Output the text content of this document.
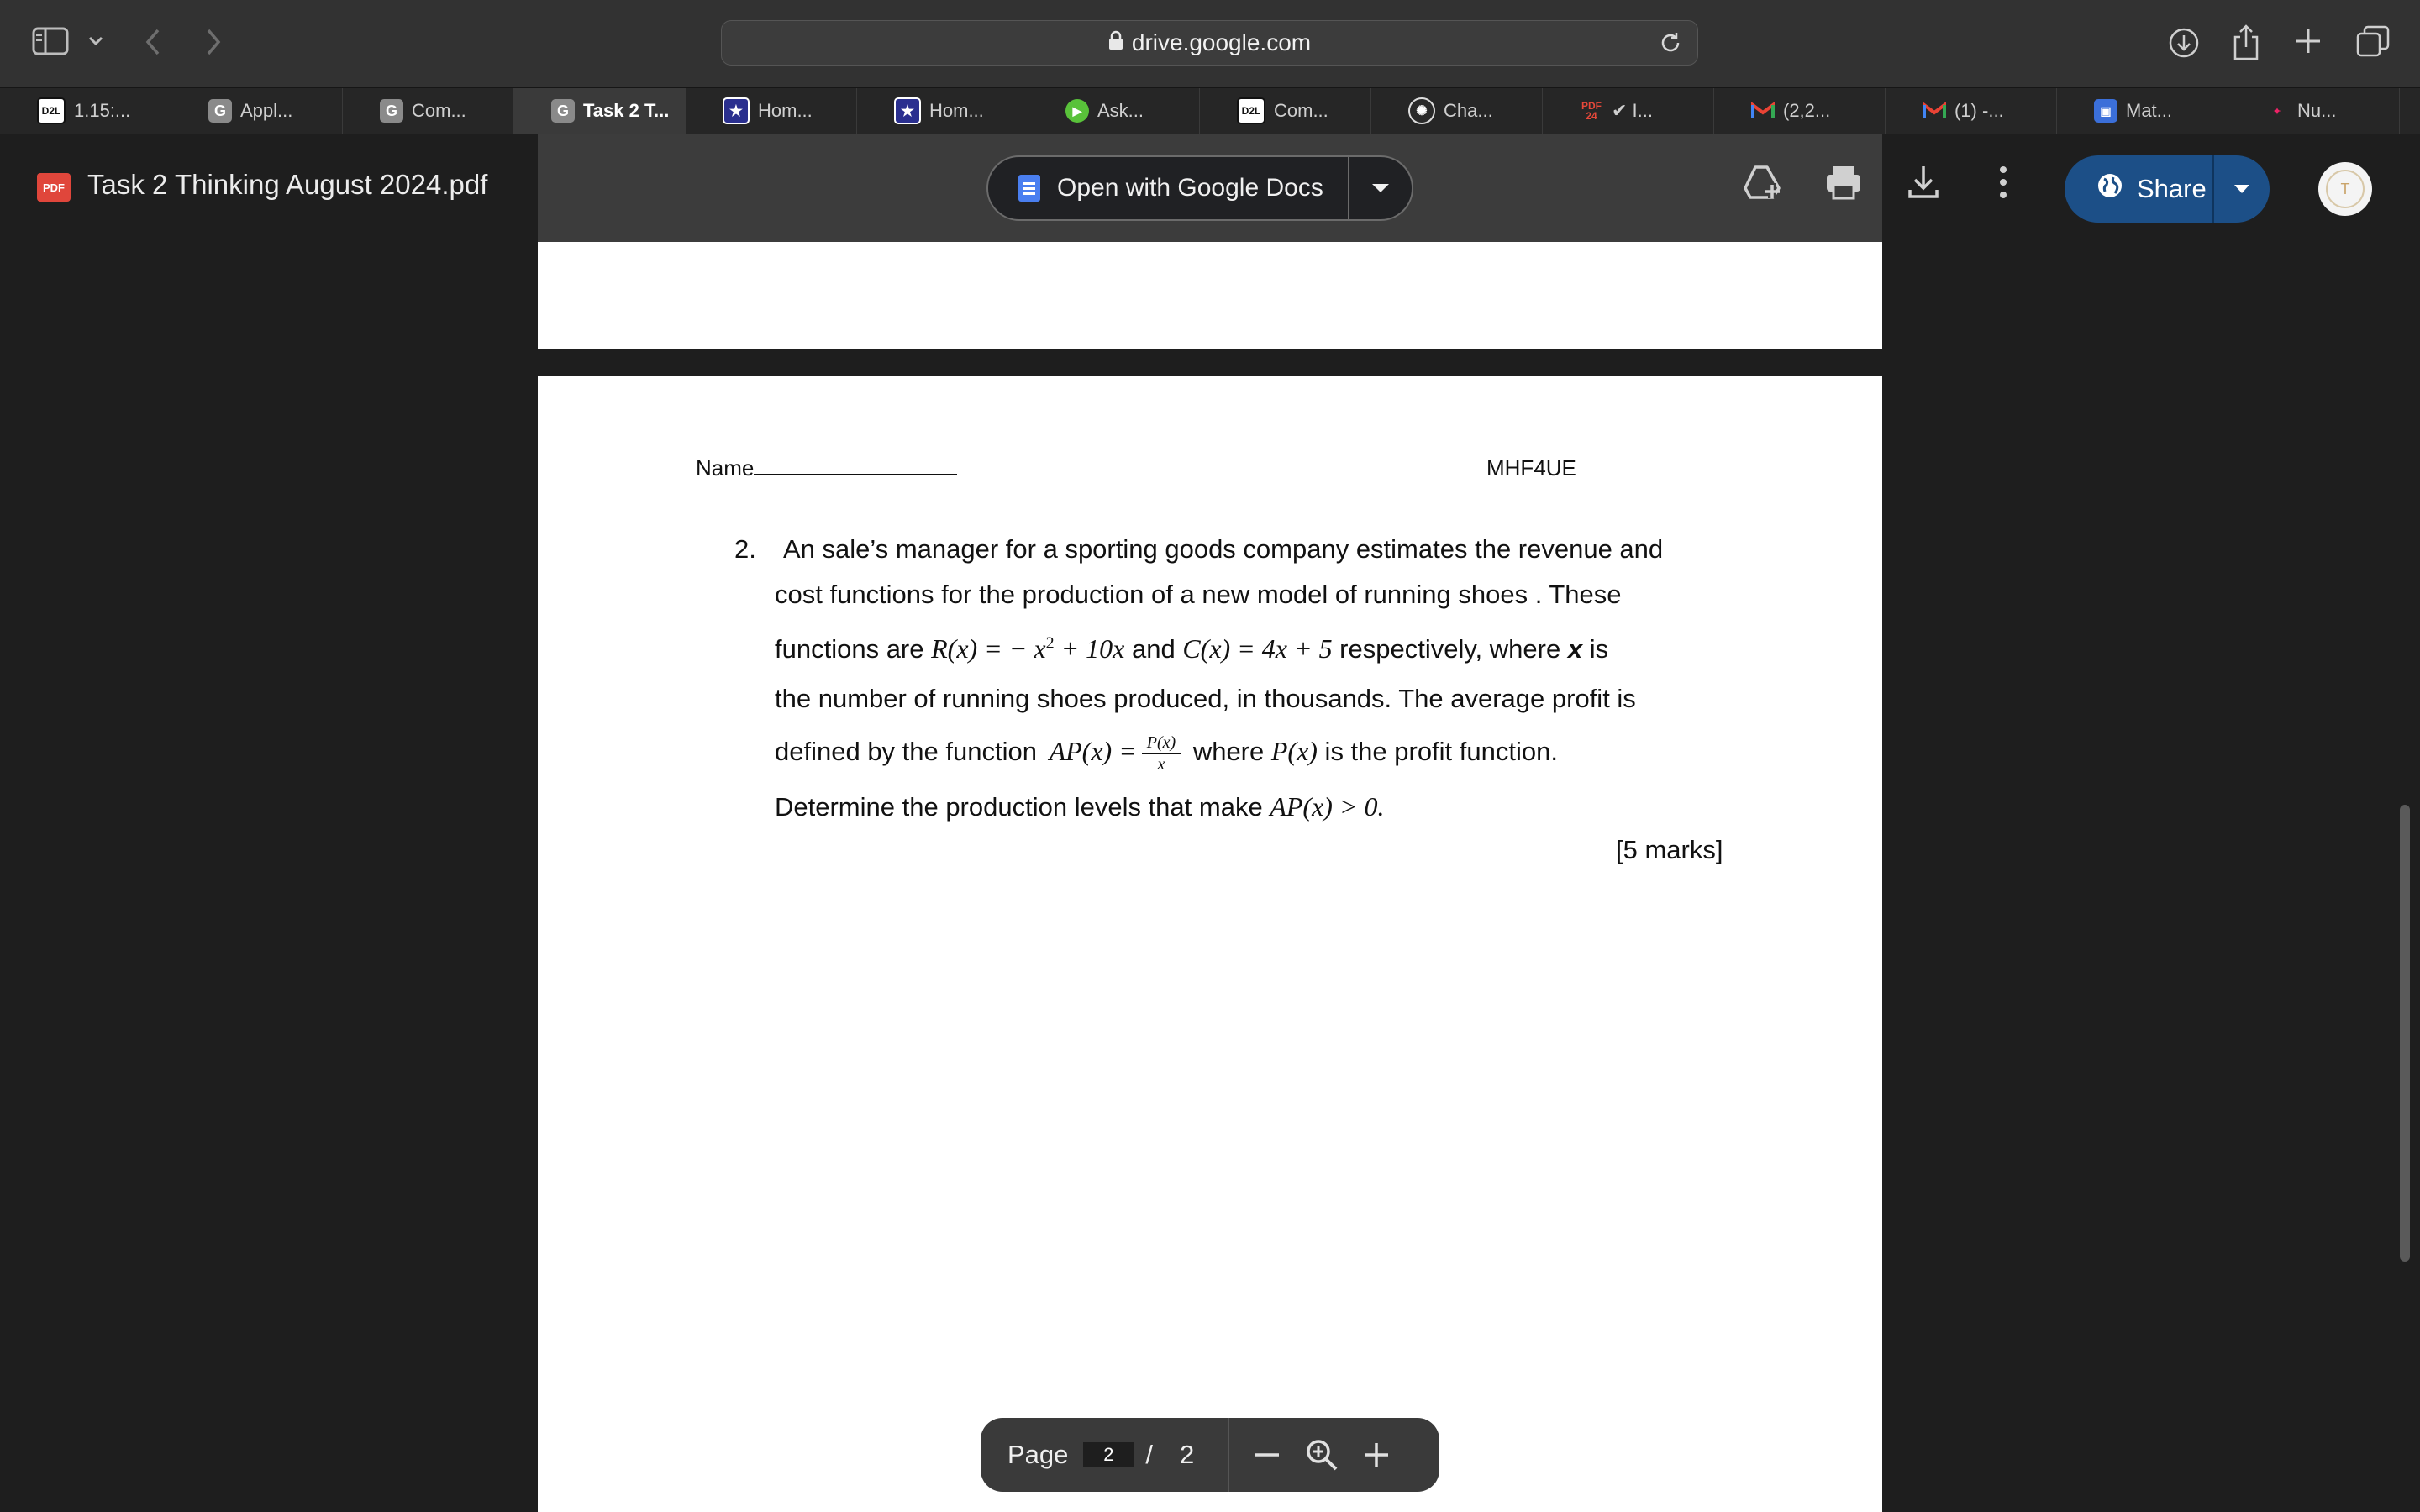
drive.google.com
D2L 1.15:...	G Appl...	G Com...	G Task 2 T...	★ Hom...	★ Hom...	▶ Ask...	D2L Com...	✺ Cha...	PDF
24 ✔ I...	(2,2...	(1) -...	▣ Mat...	✦ Nu...
PDF Task 2 Thinking August 2024.pdf	Open with Google Docs	Share	T
Name	MHF4UE
2. An sale’s manager for a sporting goods company estimates the revenue and
cost functions for the production of a new model of running shoes . These
functions are R(x) = − $x^2 + 10x$ and C(x) = 4x + 5 respectively, where x is
the number of running shoes produced, in thousands. The average profit is
defined by the function $AP(x) = \frac{P(x)}{x}$ where P(x) is the profit function.
Determine the production levels that make AP(x) > 0.
[5 marks]
Page	2	/ 2
